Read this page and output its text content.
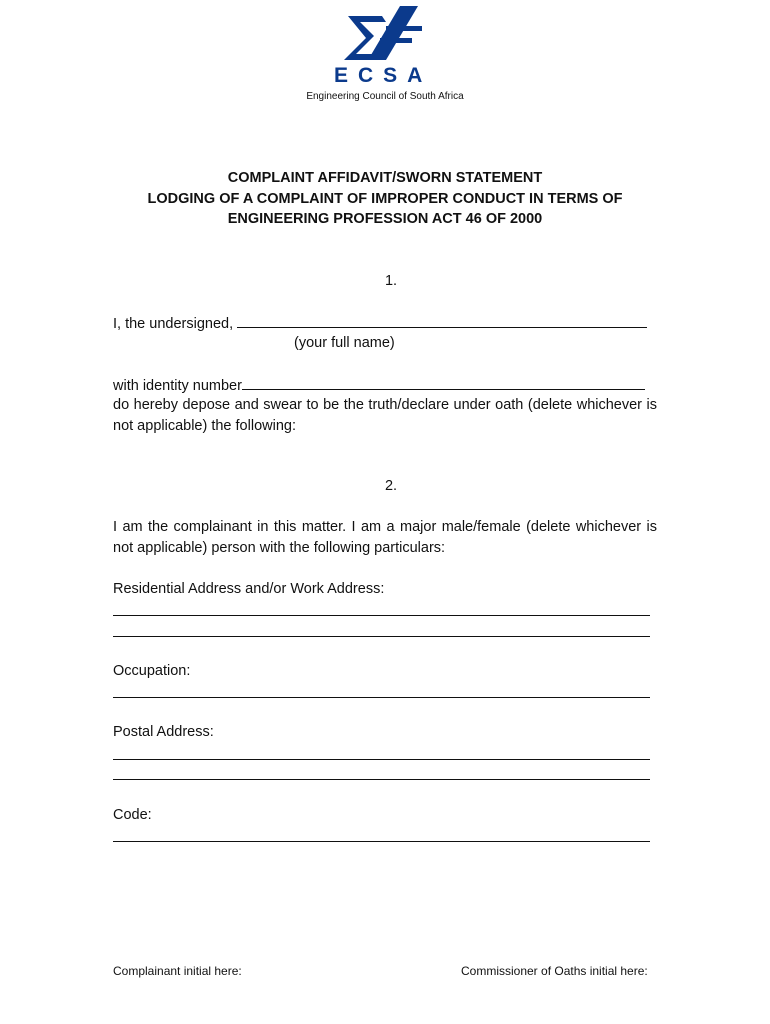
ECSA
Engineering Council of South Africa
COMPLAINT AFFIDAVIT/SWORN STATEMENT
LODGING OF A COMPLAINT OF IMPROPER CONDUCT IN TERMS OF
ENGINEERING PROFESSION ACT 46 OF 2000
1.
I, the undersigned,
(your full name)
with identity number
do hereby depose and swear to be the truth/declare under oath (delete whichever is not applicable) the following:
2.
I am the complainant in this matter. I am a major male/female (delete whichever is not applicable) person with the following particulars:
Residential Address and/or Work Address:
Occupation:
Postal Address:
Code:
Complainant initial here:	Commissioner of Oaths initial here:
